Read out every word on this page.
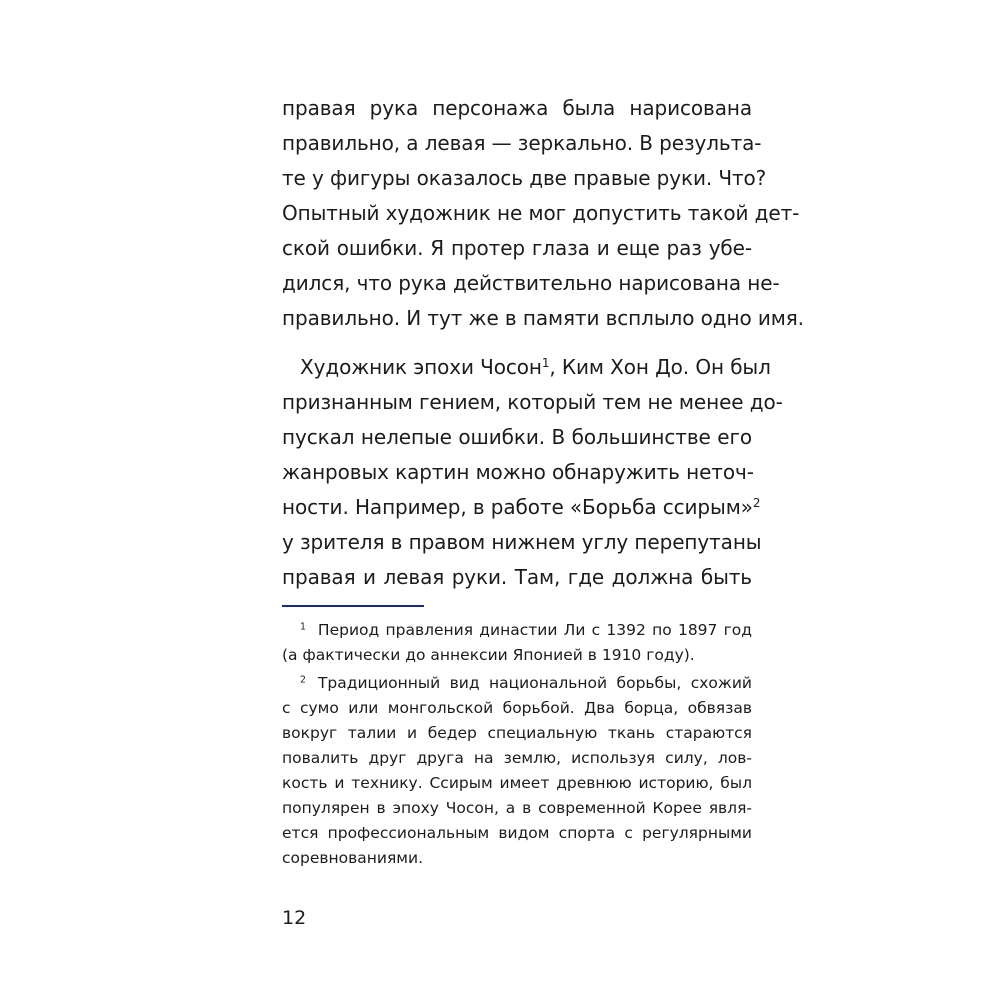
правая рука персонажа была нарисована
правильно, а левая — зеркально. В результа-
те у фигуры оказалось две правые руки. Что?
Опытный художник не мог допустить такой дет-
ской ошибки. Я протер глаза и еще раз убе-
дился, что рука действительно нарисована не-
правильно. И тут же в памяти всплыло одно имя.
Художник эпохи Чосон$^1$, Ким Хон До. Он был
признанным гением, который тем не менее до-
пускал нелепые ошибки. В большинстве его
жанровых картин можно обнаружить неточ-
ности. Например, в работе «Борьба ссирым»$^2$
у зрителя в правом нижнем углу перепутаны
правая и левая руки. Там, где должна быть
$^1$ Период правления династии Ли с 1392 по 1897 год
(а фактически до аннексии Японией в 1910 году).
$^2$ Традиционный вид национальной борьбы, схожий
с сумо или монгольской борьбой. Два борца, обвязав
вокруг талии и бедер специальную ткань стараются
повалить друг друга на землю, используя силу, лов-
кость и технику. Ссирым имеет древнюю историю, был
популярен в эпоху Чосон, а в современной Корее явля-
ется профессиональным видом спорта с регулярными
соревнованиями.
12
